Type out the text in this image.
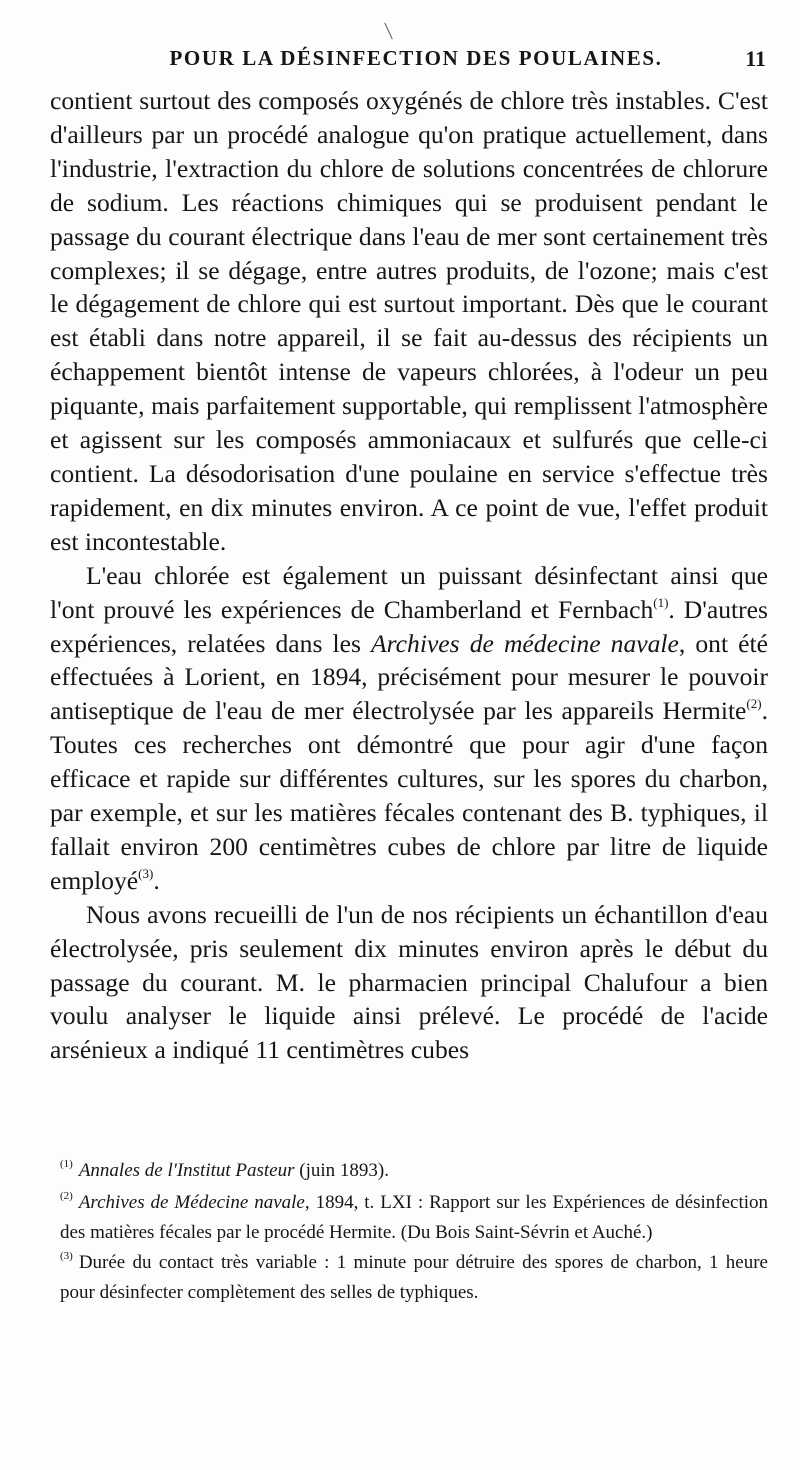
POUR LA DÉSINFECTION DES POULAINES.	11

contient surtout des composés oxygénés de chlore très instables. C'est d'ailleurs par un procédé analogue qu'on pratique actuellement, dans l'industrie, l'extraction du chlore de solutions concentrées de chlorure de sodium. Les réactions chimiques qui se produisent pendant le passage du courant électrique dans l'eau de mer sont certainement très complexes; il se dégage, entre autres produits, de l'ozone; mais c'est le dégagement de chlore qui est surtout important. Dès que le courant est établi dans notre appareil, il se fait au-dessus des récipients un échappement bientôt intense de vapeurs chlorées, à l'odeur un peu piquante, mais parfaitement supportable, qui remplissent l'atmosphère et agissent sur les composés ammoniacaux et sulfurés que celle-ci contient. La désodorisation d'une poulaine en service s'effectue très rapidement, en dix minutes environ. A ce point de vue, l'effet produit est incontestable.

L'eau chlorée est également un puissant désinfectant ainsi que l'ont prouvé les expériences de Chamberland et Fernbach$^{(1)}$. D'autres expériences, relatées dans les Archives de médecine navale, ont été effectuées à Lorient, en 1894, précisément pour mesurer le pouvoir antiseptique de l'eau de mer électrolysée par les appareils Hermite$^{(2)}$. Toutes ces recherches ont démontré que pour agir d'une façon efficace et rapide sur différentes cultures, sur les spores du charbon, par exemple, et sur les matières fécales contenant des B. typhiques, il fallait environ 200 centimètres cubes de chlore par litre de liquide employé$^{(3)}$.

Nous avons recueilli de l'un de nos récipients un échantillon d'eau électrolysée, pris seulement dix minutes environ après le début du passage du courant. M. le pharmacien principal Chalufour a bien voulu analyser le liquide ainsi prélevé. Le procédé de l'acide arsénieux a indiqué 11 centimètres cubes

$^{(1)}$ Annales de l'Institut Pasteur (juin 1893).

$^{(2)}$ Archives de Médecine navale, 1894, t. LXI : Rapport sur les Expériences de désinfection des matières fécales par le procédé Hermite. (Du Bois Saint-Sévrin et Auché.)

$^{(3)}$ Durée du contact très variable : 1 minute pour détruire des spores de charbon, 1 heure pour désinfecter complètement des selles de typhiques.
